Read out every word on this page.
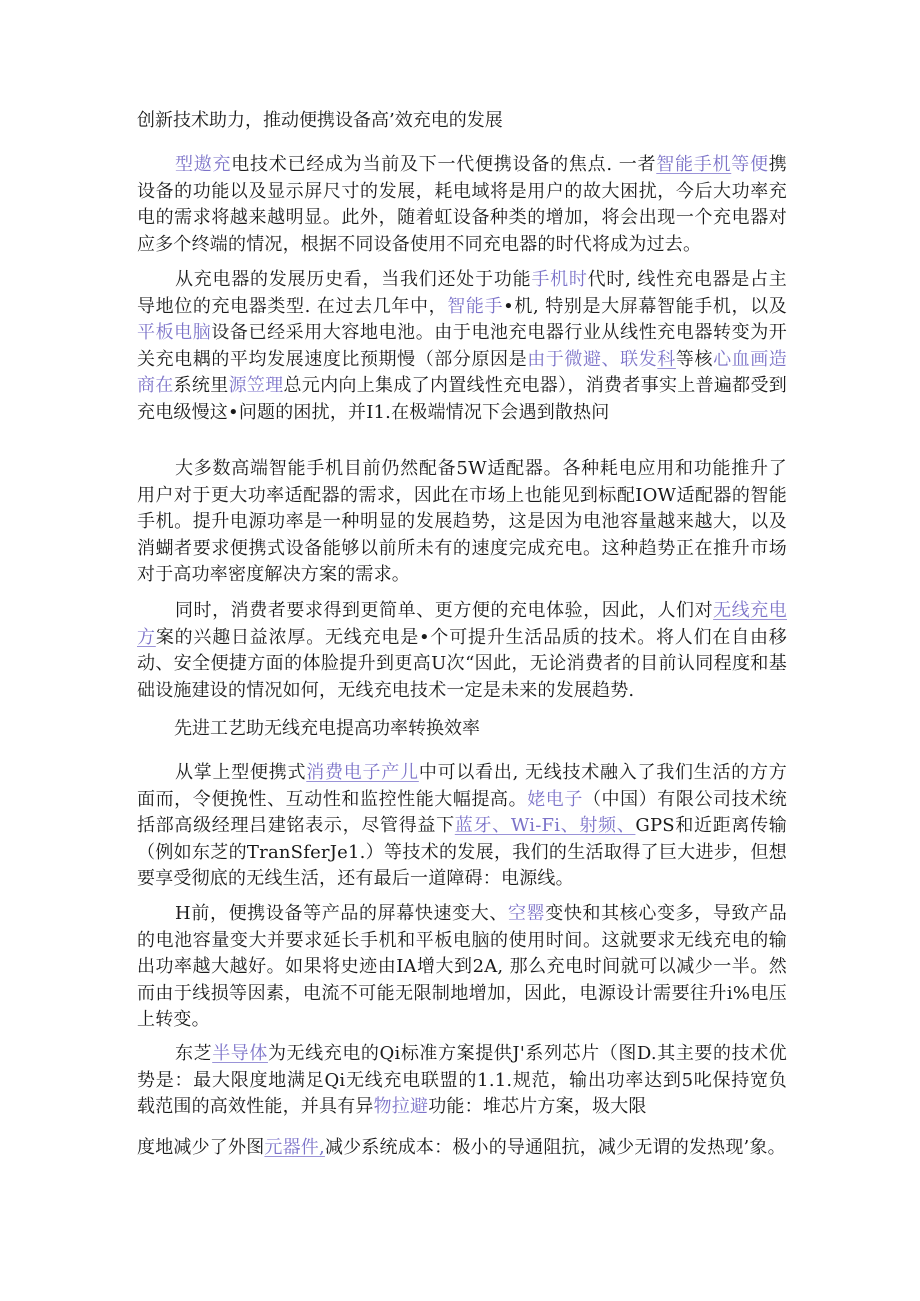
创新技术助力，推动便携设备高’效充电的发展
型遨充电技术已经成为当前及下一代便携设备的焦点. 一者智能手机等便携设备的功能以及显示屏尺寸的发展，耗电域将是用户的故大困扰，今后大功率充电的需求将越来越明显。此外，随着虹设备种类的增加，将会出现一个充电器对应多个终端的情况，根据不同设备使用不同充电器的时代将成为过去。
从充电器的发展历史看，当我们还处于功能手机时代时, 线性充电器是占主导地位的充电器类型. 在过去几年中，智能手•机, 特别是大屏幕智能手机，以及平板电脑设备已经采用大容地电池。由于电池充电器行业从线性充电器转变为开关充电耦的平均发展速度比预期慢（部分原因是由于微避、联发科等核心血画造商在系统里源笠理总元内向上集成了内置线性充电器），消费者事实上普遍都受到充电级慢这•问题的困扰，并I1.在极端情况下会遇到散热问
大多数高端智能手机目前仍然配备5W适配器。各种耗电应用和功能推升了用户对于更大功率适配器的需求，因此在市场上也能见到标配IOW适配器的智能手机。提升电源功率是一种明显的发展趋势，这是因为电池容量越来越大，以及消蝴者要求便携式设备能够以前所未有的速度完成充电。这种趋势正在推升市场对于高功率密度解决方案的需求。
同时，消费者要求得到更简单、更方便的充电体验，因此，人们对无线充电方案的兴趣日益浓厚。无线充电是•个可提升生活品质的技术。将人们在自由移动、安全便捷方面的体脸提升到更高U次“因此，无论消费者的目前认同程度和基础设施建设的情况如何，无线充电技术一定是未来的发展趋势.
先进工艺助无线充电提高功率转换效率
从掌上型便携式消费电子产儿中可以看出, 无线技术融入了我们生活的方方面而，令便挽性、互动性和监控性能大幅提高。姥电子（中国）有限公司技术统括部高级经理吕建铭表示，尽管得益下蓝牙、Wi-Fi、射频、GPS和近距离传输（例如东芝的TranSferJe1.）等技术的发展，我们的生活取得了巨大进步，但想要享受彻底的无线生活，还有最后一道障碍：电源线。
H前，便携设备等产品的屏幕快速变大、空罂变快和其核心变多，导致产品的电池容量变大并要求延长手机和平板电脑的使用时间。这就要求无线充电的输出功率越大越好。如果将史迹由IA增大到2A, 那么充电时间就可以减少一半。然而由于线损等因素，电流不可能无限制地增加，因此，电源设计需要往升i%电压上转变。
东芝半导体为无线充电的Qi标准方案提供J'系列芯片（图D.其主要的技术优势是：最大限度地满足Qi无线充电联盟的1.1.规范，输出功率达到5叱保持宽负载范围的高效性能，并具有异物拉避功能：堆芯片方案，圾大限
度地减少了外图元器件,减少系统成本：极小的导通阻抗，减少无谓的发热现’象。
